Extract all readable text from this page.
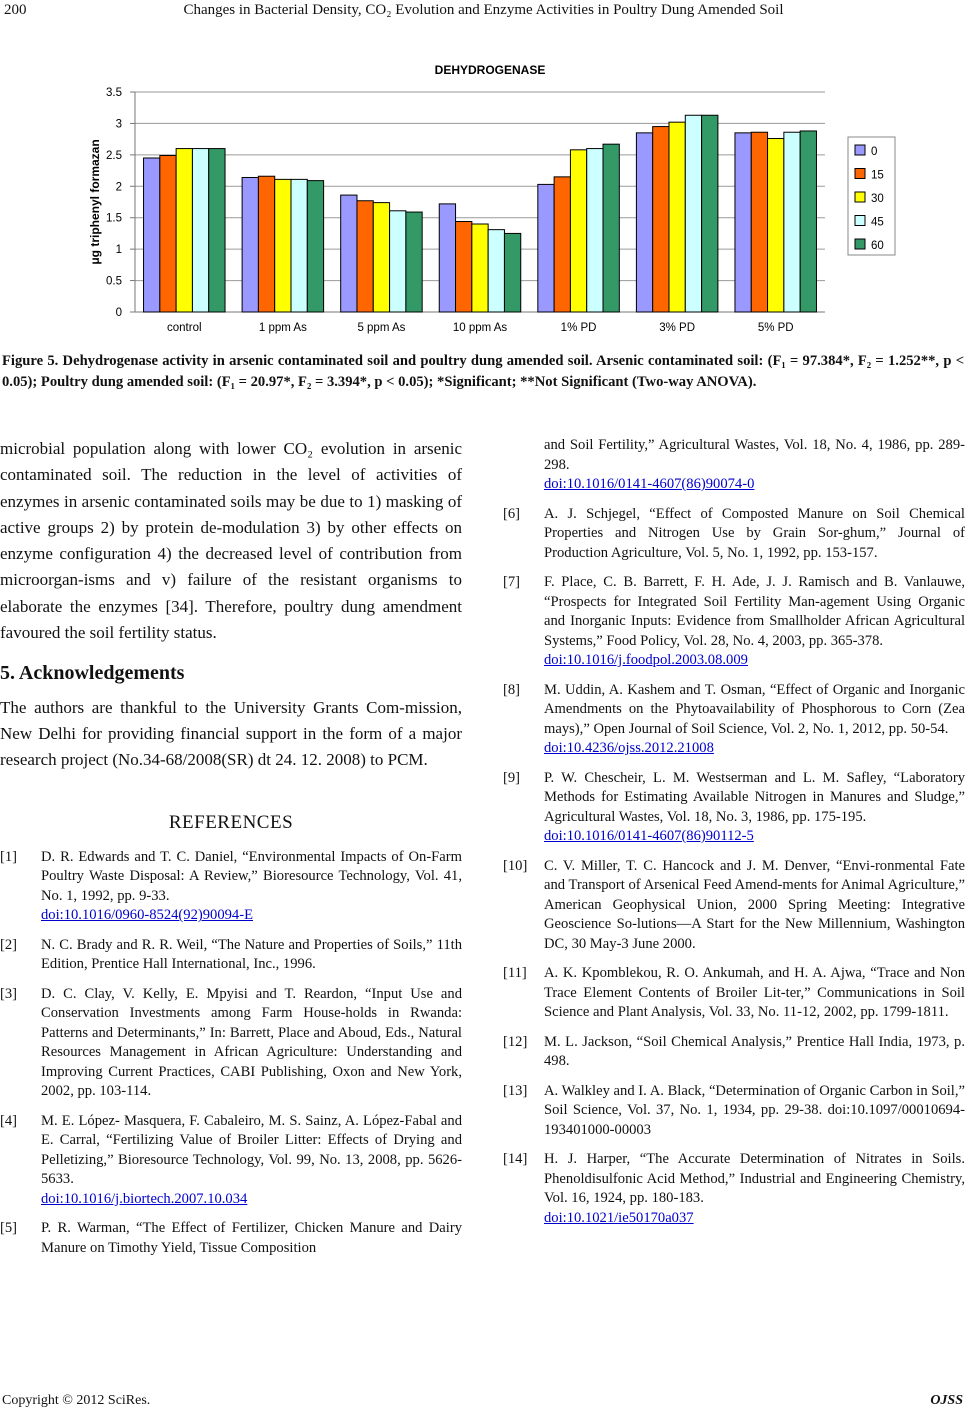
200	Changes in Bacterial Density, CO₂ Evolution and Enzyme Activities in Poultry Dung Amended Soil
DEHYDROGENASE
0
0.5
1
1.5
2
2.5
3
3.5
μg triphenyl formazan
control	1 ppm As	5 ppm As	10 ppm As	1% PD	3% PD	5% PD
0
15
30
45
60
Figure 5. Dehydrogenase activity in arsenic contaminated soil and poultry dung amended soil. Arsenic contaminated soil: (F₁ = 97.384*, F₂ = 1.252**, p < 0.05); Poultry dung amended soil: (F₁ = 20.97*, F₂ = 3.394*, p < 0.05); *Significant; **Not Significant (Two-way ANOVA).

microbial population along with lower CO₂ evolution in arsenic contaminated soil. The reduction in the level of activities of enzymes in arsenic contaminated soils may be due to 1) masking of active groups 2) by protein de-modulation 3) by other effects on enzyme configuration 4) the decreased level of contribution from microorgan-isms and v) failure of the resistant organisms to elaborate the enzymes [34]. Therefore, poultry dung amendment favoured the soil fertility status.

5. Acknowledgements

The authors are thankful to the University Grants Com-mission, New Delhi for providing financial support in the form of a major research project (No.34-68/2008(SR) dt 24. 12. 2008) to PCM.

REFERENCES
[1] D. R. Edwards and T. C. Daniel, “Environmental Impacts of On-Farm Poultry Waste Disposal: A Review,” Bioresource Technology, Vol. 41, No. 1, 1992, pp. 9-33.
doi:10.1016/0960-8524(92)90094-E
[2] N. C. Brady and R. R. Weil, “The Nature and Properties of Soils,” 11th Edition, Prentice Hall International, Inc., 1996.
[3] D. C. Clay, V. Kelly, E. Mpyisi and T. Reardon, “Input Use and Conservation Investments among Farm House-holds in Rwanda: Patterns and Determinants,” In: Barrett, Place and Aboud, Eds., Natural Resources Management in African Agriculture: Understanding and Improving Current Practices, CABI Publishing, Oxon and New York, 2002, pp. 103-114.
[4] M. E. López- Masquera, F. Cabaleiro, M. S. Sainz, A. López-Fabal and E. Carral, “Fertilizing Value of Broiler Litter: Effects of Drying and Pelletizing,” Bioresource Technology, Vol. 99, No. 13, 2008, pp. 5626-5633.
doi:10.1016/j.biortech.2007.10.034
[5] P. R. Warman, “The Effect of Fertilizer, Chicken Manure and Dairy Manure on Timothy Yield, Tissue Composition
and Soil Fertility,” Agricultural Wastes, Vol. 18, No. 4, 1986, pp. 289-298.
doi:10.1016/0141-4607(86)90074-0
[6] A. J. Schjegel, “Effect of Composted Manure on Soil Chemical Properties and Nitrogen Use by Grain Sor-ghum,” Journal of Production Agriculture, Vol. 5, No. 1, 1992, pp. 153-157.
[7] F. Place, C. B. Barrett, F. H. Ade, J. J. Ramisch and B. Vanlauwe, “Prospects for Integrated Soil Fertility Man-agement Using Organic and Inorganic Inputs: Evidence from Smallholder African Agricultural Systems,” Food Policy, Vol. 28, No. 4, 2003, pp. 365-378.
doi:10.1016/j.foodpol.2003.08.009
[8] M. Uddin, A. Kashem and T. Osman, “Effect of Organic and Inorganic Amendments on the Phytoavailability of Phosphorous to Corn (Zea mays),” Open Journal of Soil Science, Vol. 2, No. 1, 2012, pp. 50-54.
doi:10.4236/ojss.2012.21008
[9] P. W. Chescheir, L. M. Westserman and L. M. Safley, “Laboratory Methods for Estimating Available Nitrogen in Manures and Sludge,” Agricultural Wastes, Vol. 18, No. 3, 1986, pp. 175-195.
doi:10.1016/0141-4607(86)90112-5
[10] C. V. Miller, T. C. Hancock and J. M. Denver, “Envi-ronmental Fate and Transport of Arsenical Feed Amend-ments for Animal Agriculture,” American Geophysical Union, 2000 Spring Meeting: Integrative Geoscience So-lutions—A Start for the New Millennium, Washington DC, 30 May-3 June 2000.
[11] A. K. Kpomblekou, R. O. Ankumah, and H. A. Ajwa, “Trace and Non Trace Element Contents of Broiler Lit-ter,” Communications in Soil Science and Plant Analysis, Vol. 33, No. 11-12, 2002, pp. 1799-1811.
[12] M. L. Jackson, “Soil Chemical Analysis,” Prentice Hall India, 1973, p. 498.
[13] A. Walkley and I. A. Black, “Determination of Organic Carbon in Soil,” Soil Science, Vol. 37, No. 1, 1934, pp. 29-38. doi:10.1097/00010694-193401000-00003
[14] H. J. Harper, “The Accurate Determination of Nitrates in Soils. Phenoldisulfonic Acid Method,” Industrial and Engineering Chemistry, Vol. 16, 1924, pp. 180-183.
doi:10.1021/ie50170a037
Copyright © 2012 SciRes.	OJSS
